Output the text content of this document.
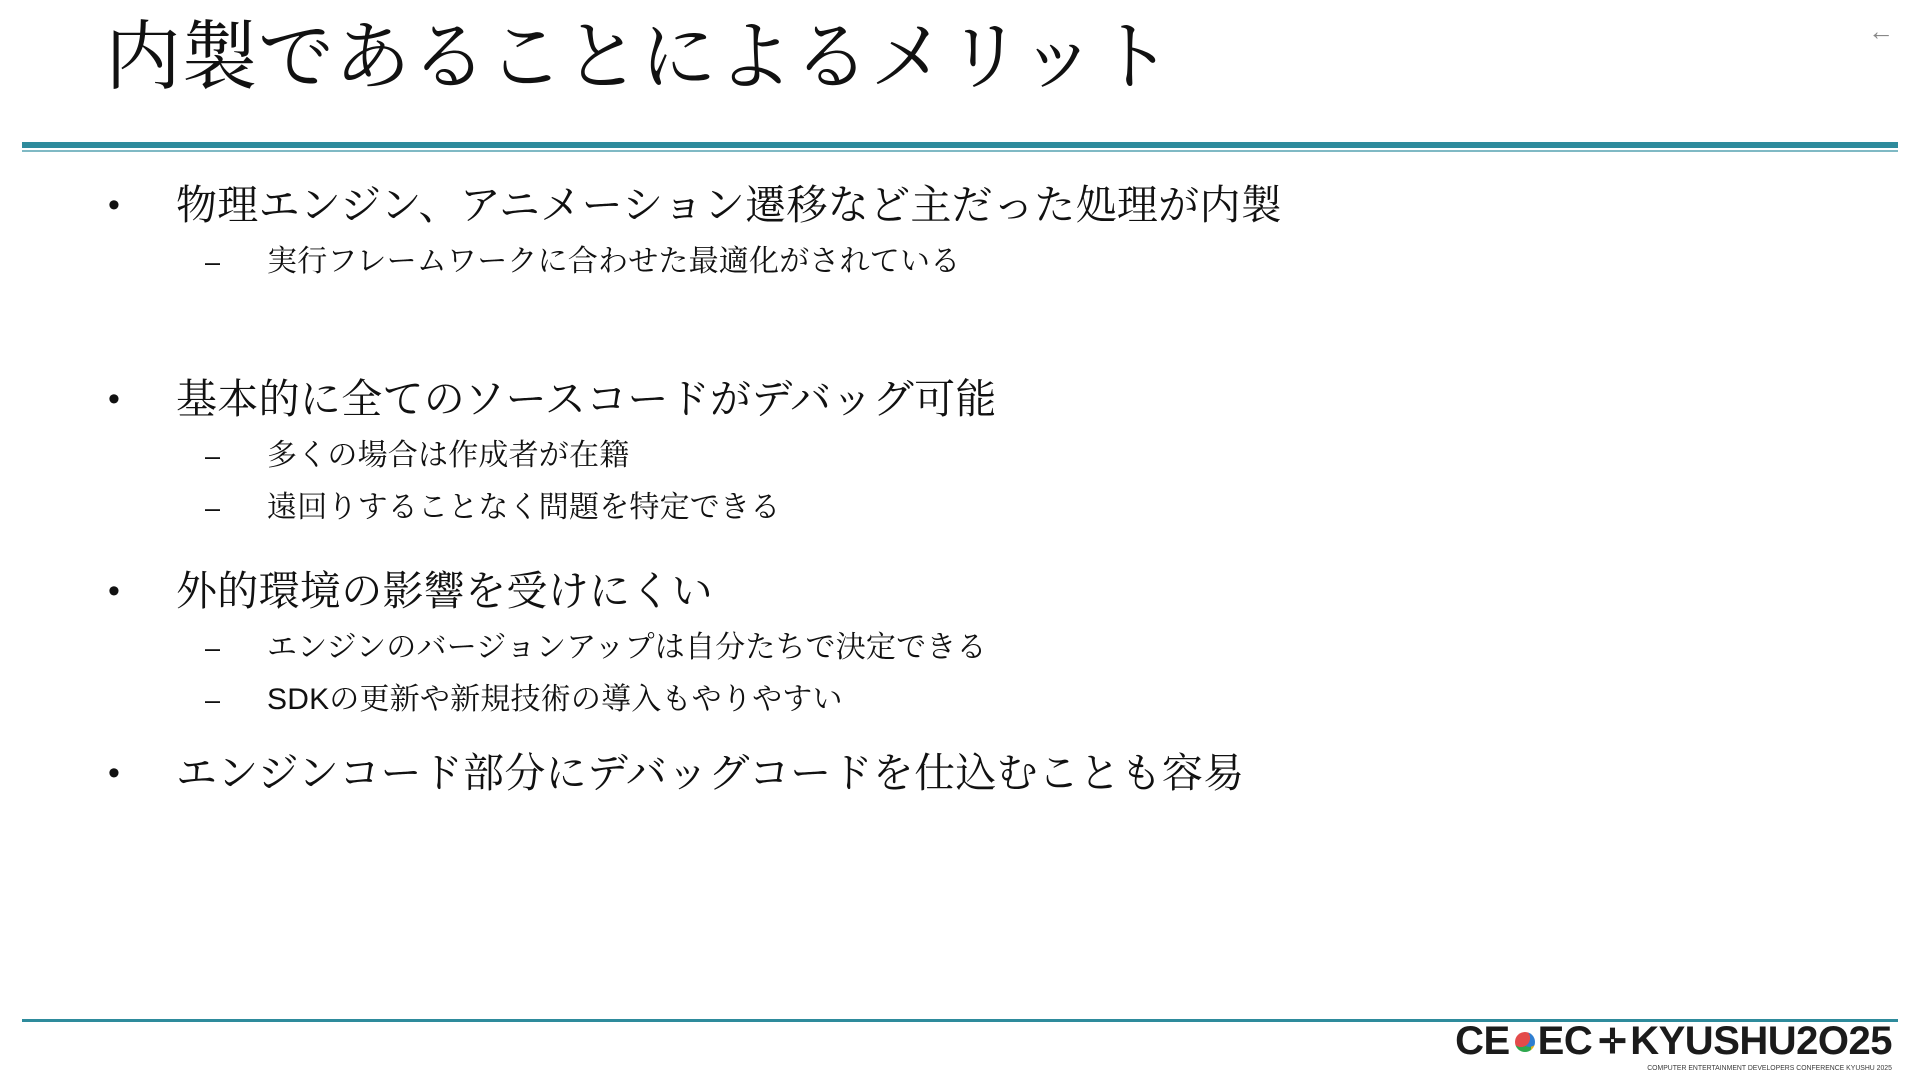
←
内製であることによるメリット
•	物理エンジン、アニメーション遷移など主だった処理が内製
–	実行フレームワークに合わせた最適化がされている
•	基本的に全てのソースコードがデバッグ可能
–	多くの場合は作成者が在籍
–	遠回りすることなく問題を特定できる
•	外的環境の影響を受けにくい
–	エンジンのバージョンアップは自分たちで決定できる
–	SDKの更新や新規技術の導入もやりやすい
•	エンジンコード部分にデバッグコードを仕込むことも容易
CE EC ✛ KYUSHU2O25
COMPUTER ENTERTAINMENT DEVELOPERS CONFERENCE KYUSHU 2025
